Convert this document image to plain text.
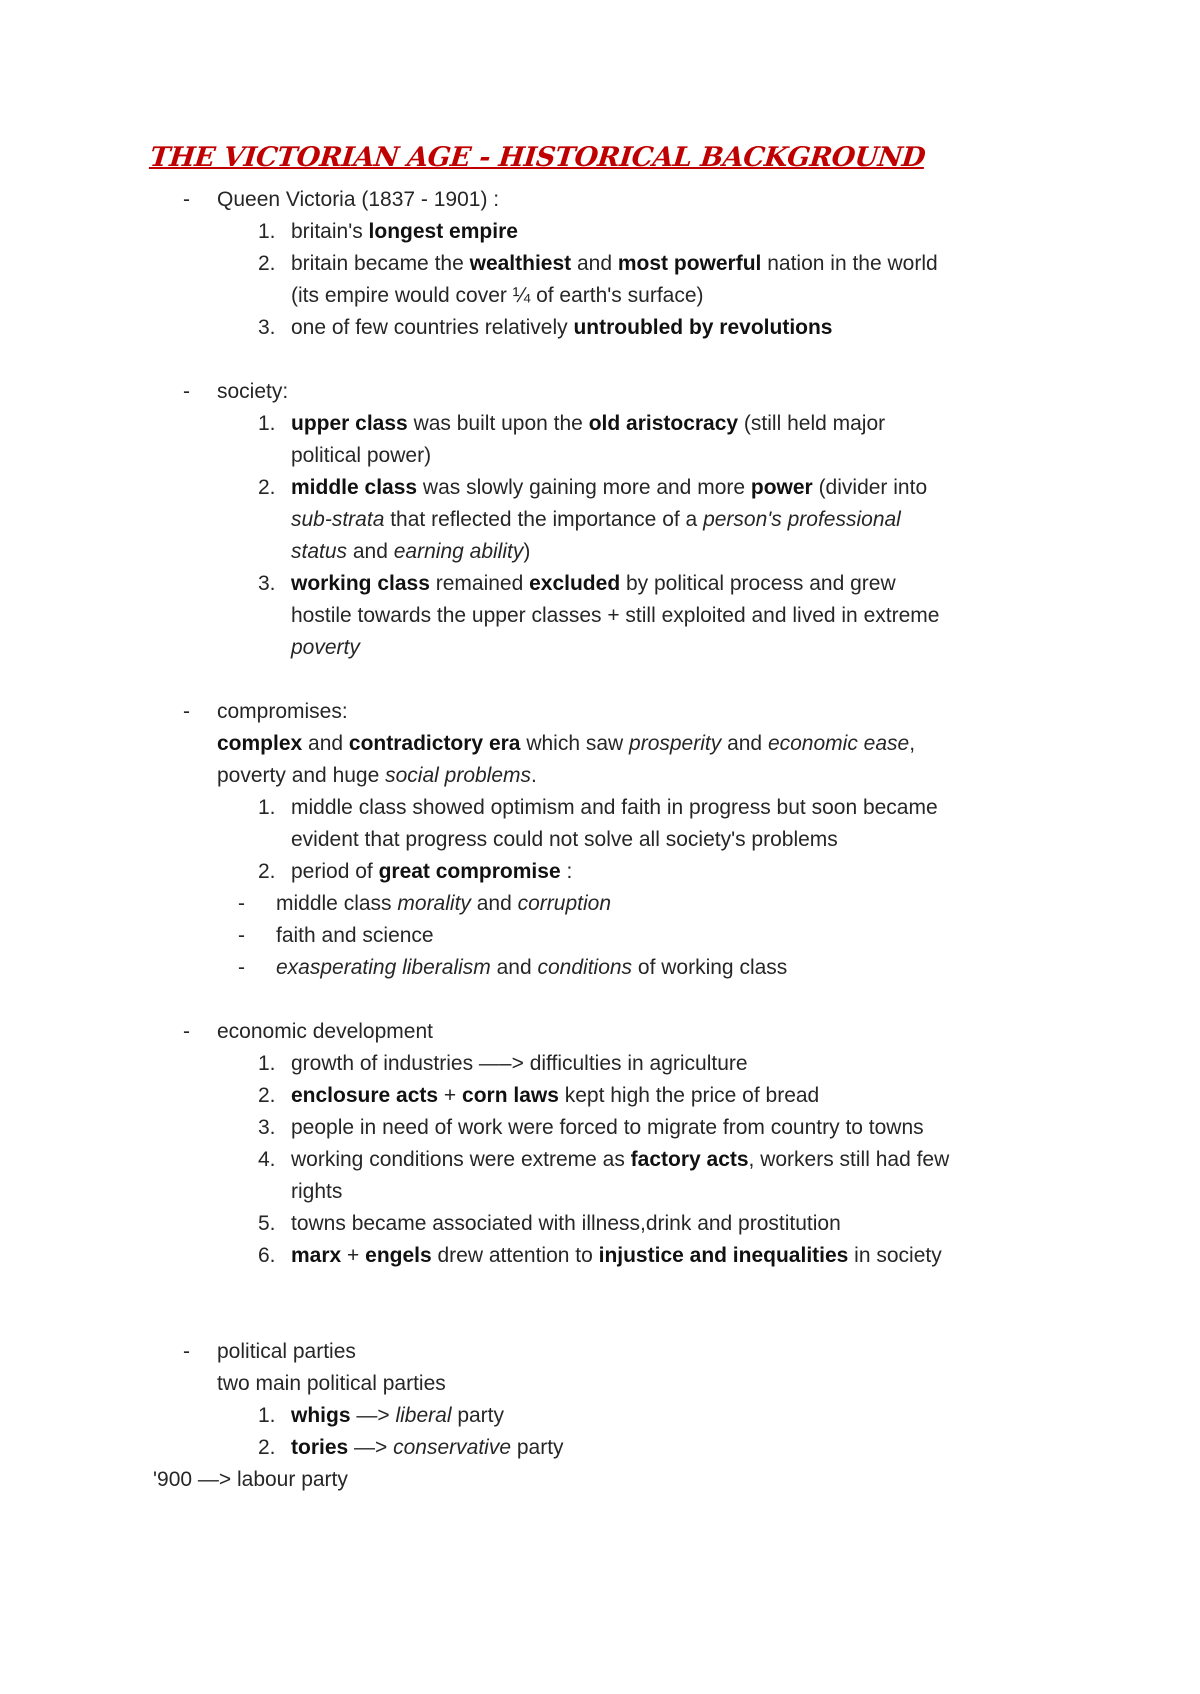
THE VICTORIAN AGE - HISTORICAL BACKGROUND
- Queen Victoria (1837 - 1901) :
1. britain's longest empire
2. britain became the wealthiest and most powerful nation in the world
(its empire would cover ¼ of earth's surface)
3. one of few countries relatively untroubled by revolutions
- society:
1. upper class was built upon the old aristocracy (still held major
political power)
2. middle class was slowly gaining more and more power (divider into
sub-strata that reflected the importance of a person's professional
status and earning ability)
3. working class remained excluded by political process and grew
hostile towards the upper classes + still exploited and lived in extreme
poverty
- compromises:
complex and contradictory era which saw prosperity and economic ease,
poverty and huge social problems.
1. middle class showed optimism and faith in progress but soon became
evident that progress could not solve all society's problems
2. period of great compromise :
- middle class morality and corruption
- faith and science
- exasperating liberalism and conditions of working class
- economic development
1. growth of industries —–> difficulties in agriculture
2. enclosure acts + corn laws kept high the price of bread
3. people in need of work were forced to migrate from country to towns
4. working conditions were extreme as factory acts, workers still had few
rights
5. towns became associated with illness,drink and prostitution
6. marx + engels drew attention to injustice and inequalities in society
- political parties
two main political parties
1. whigs —> liberal party
2. tories —> conservative party
'900 —> labour party
